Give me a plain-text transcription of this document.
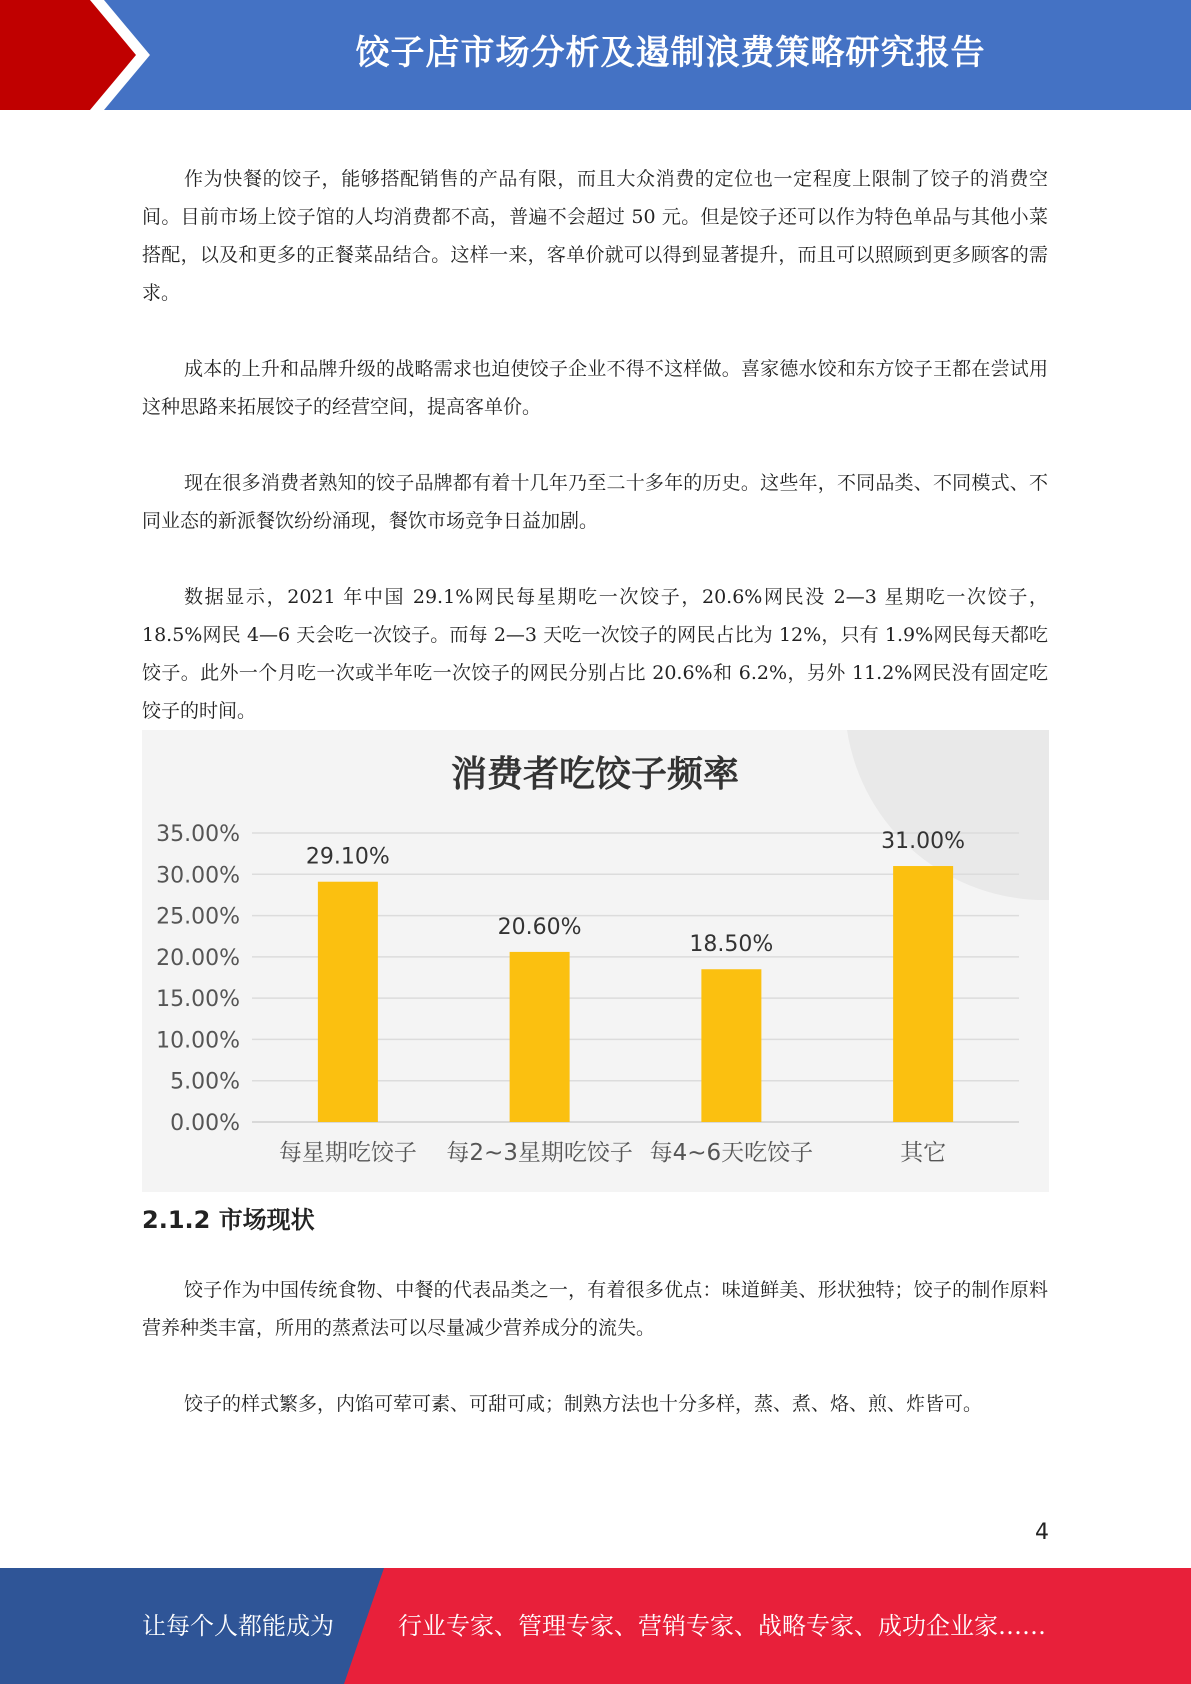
饺子店市场分析及遏制浪费策略研究报告

作为快餐的饺子，能够搭配销售的产品有限，而且大众消费的定位也一定程度上限制了饺子的消费空间。目前市场上饺子馆的人均消费都不高，普遍不会超过 50 元。但是饺子还可以作为特色单品与其他小菜搭配，以及和更多的正餐菜品结合。这样一来，客单价就可以得到显著提升，而且可以照顾到更多顾客的需求。

成本的上升和品牌升级的战略需求也迫使饺子企业不得不这样做。喜家德水饺和东方饺子王都在尝试用这种思路来拓展饺子的经营空间，提高客单价。

现在很多消费者熟知的饺子品牌都有着十几年乃至二十多年的历史。这些年，不同品类、不同模式、不同业态的新派餐饮纷纷涌现，餐饮市场竞争日益加剧。

数据显示，2021 年中国 29.1%网民每星期吃一次饺子，20.6%网民没 2—3 星期吃一次饺子，18.5%网民 4—6 天会吃一次饺子。而每 2—3 天吃一次饺子的网民占比为 12%，只有 1.9%网民每天都吃饺子。此外一个月吃一次或半年吃一次饺子的网民分别占比 20.6%和 6.2%，另外 11.2%网民没有固定吃饺子的时间。

消费者吃饺子频率
0.00%
5.00%
10.00%
15.00%
20.00%
25.00%
30.00%
35.00%
29.10%
20.60%
18.50%
31.00%
每星期吃饺子 每2~3星期吃饺子 每4~6天吃饺子	其它
2.1.2 市场现状

饺子作为中国传统食物、中餐的代表品类之一，有着很多优点：味道鲜美、形状独特；饺子的制作原料营养种类丰富，所用的蒸煮法可以尽量减少营养成分的流失。

饺子的样式繁多，内馅可荤可素、可甜可咸；制熟方法也十分多样，蒸、煮、烙、煎、炸皆可。

4
让每个人都能成为	行业专家、管理专家、营销专家、战略专家、成功企业家……
